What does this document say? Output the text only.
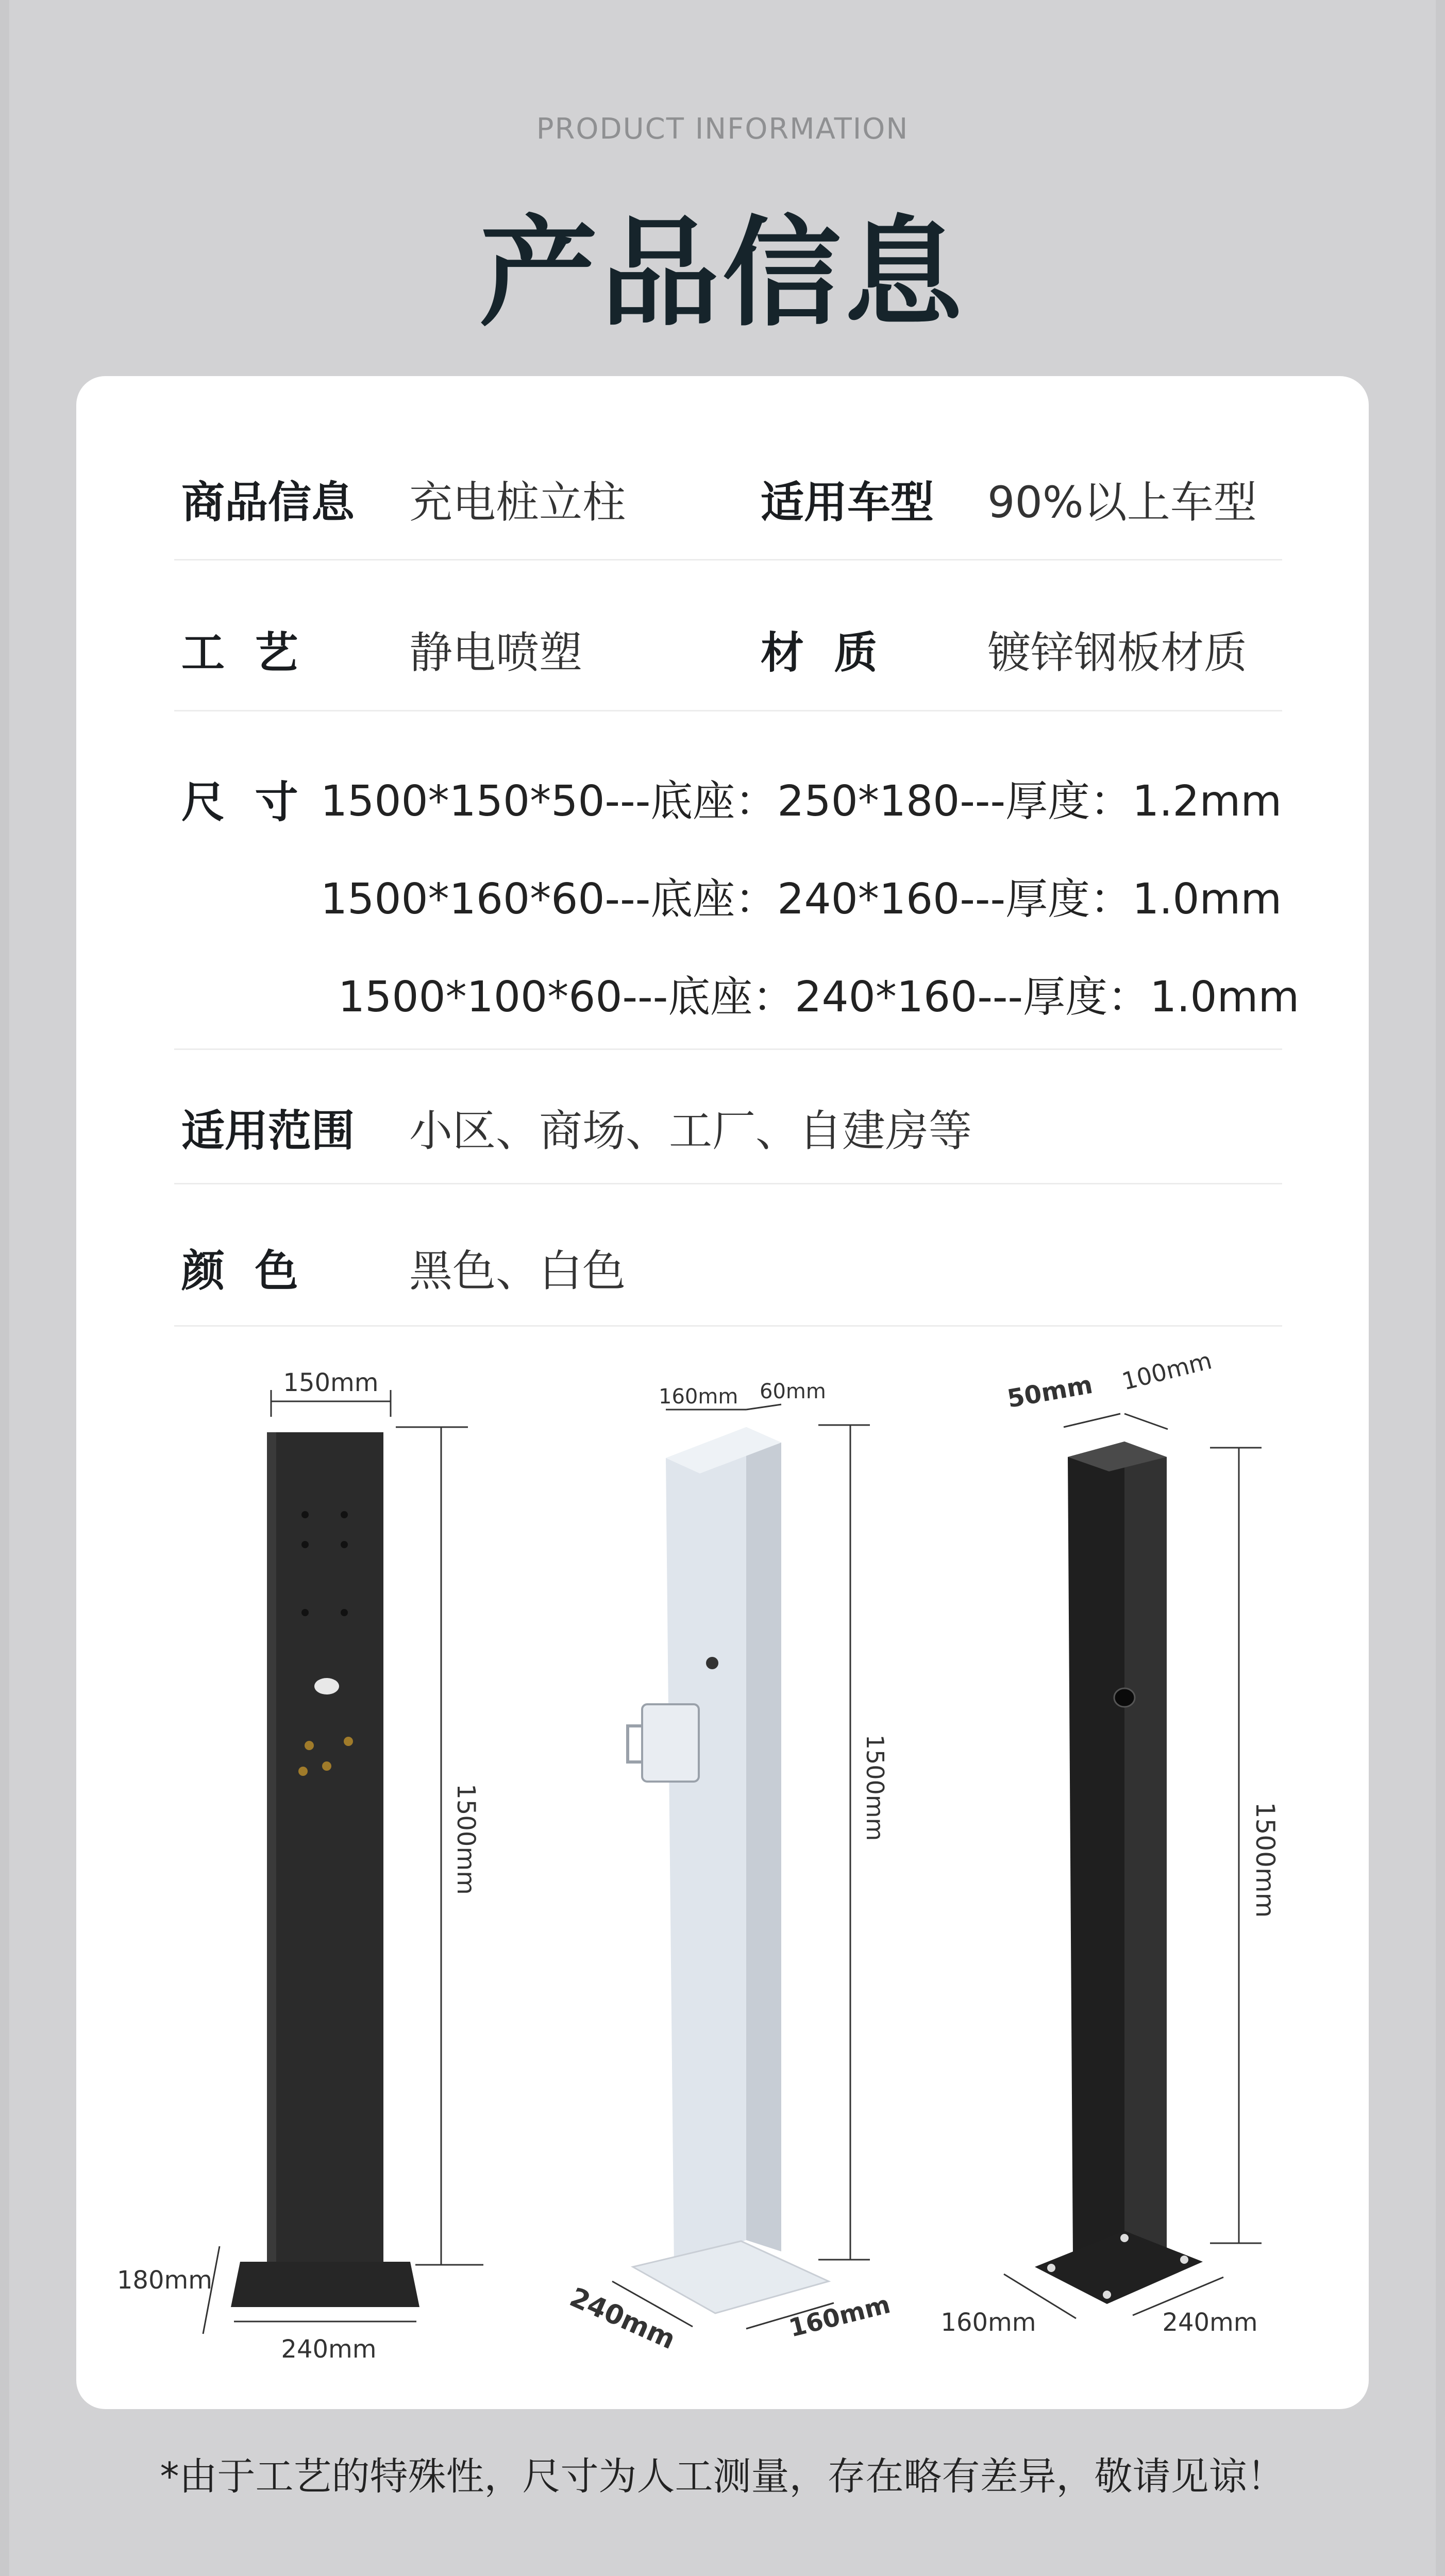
PRODUCT INFORMATION
产品信息
商品信息 充电桩立柱	适用车型 90%以上车型
工  艺	静电喷塑	材  质	镀锌钢板材质
尺  寸 1500*150*50---底座：250*180---厚度：1.2mm
1500*160*60---底座：240*160---厚度：1.0mm
1500*100*60---底座：240*160---厚度：1.0mm
适用范围 小区、商场、工厂、自建房等
颜  色	黑色、白色
150mm
1500mm
180mm
240mm
160mm 60mm
1500mm
240mm	160mm
50mm 100mm
1500mm
160mm	240mm
*由于工艺的特殊性，尺寸为人工测量，存在略有差异，敬请见谅！
